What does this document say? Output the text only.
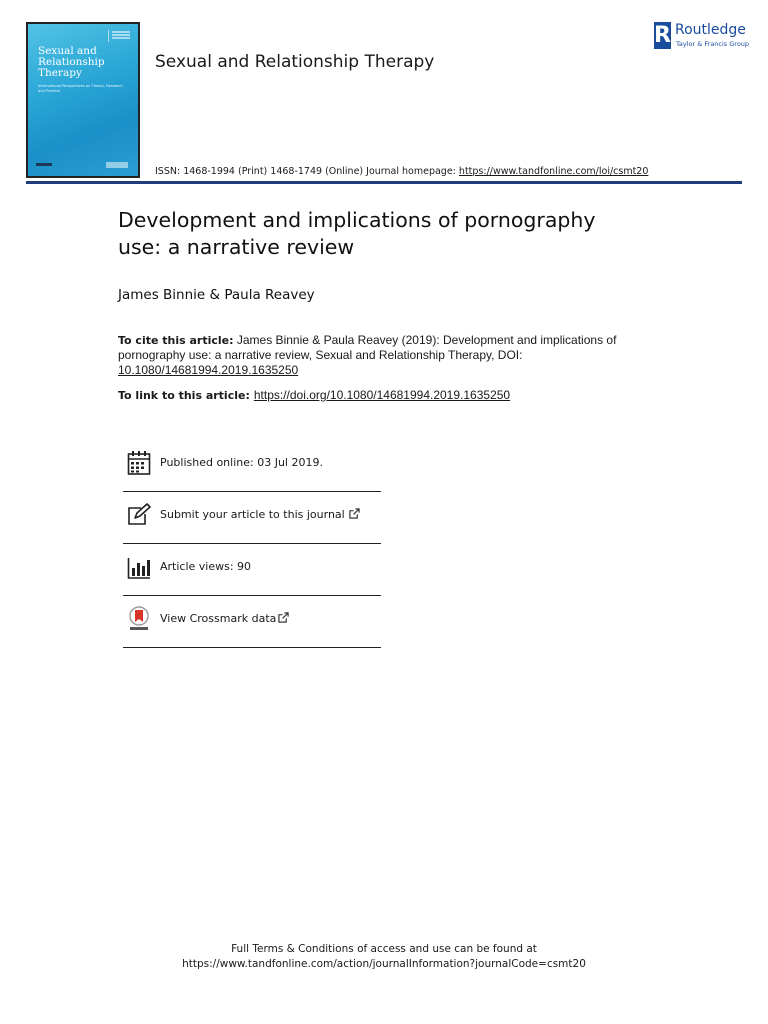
Sexual and Relationship Therapy
International Perspectives on Theory, Research and Practice
Sexual and Relationship Therapy
R Routledge
Taylor & Francis Group
ISSN: 1468-1994 (Print) 1468-1749 (Online) Journal homepage: https://www.tandfonline.com/loi/csmt20
Development and implications of pornography use: a narrative review
James Binnie & Paula Reavey
To cite this article: James Binnie & Paula Reavey (2019): Development and implications of pornography use: a narrative review, Sexual and Relationship Therapy, DOI: 10.1080/14681994.2019.1635250
To link to this article: https://doi.org/10.1080/14681994.2019.1635250
Published online: 03 Jul 2019.
Submit your article to this journal
Article views: 90
View Crossmark data
Full Terms & Conditions of access and use can be found at
https://www.tandfonline.com/action/journalInformation?journalCode=csmt20
